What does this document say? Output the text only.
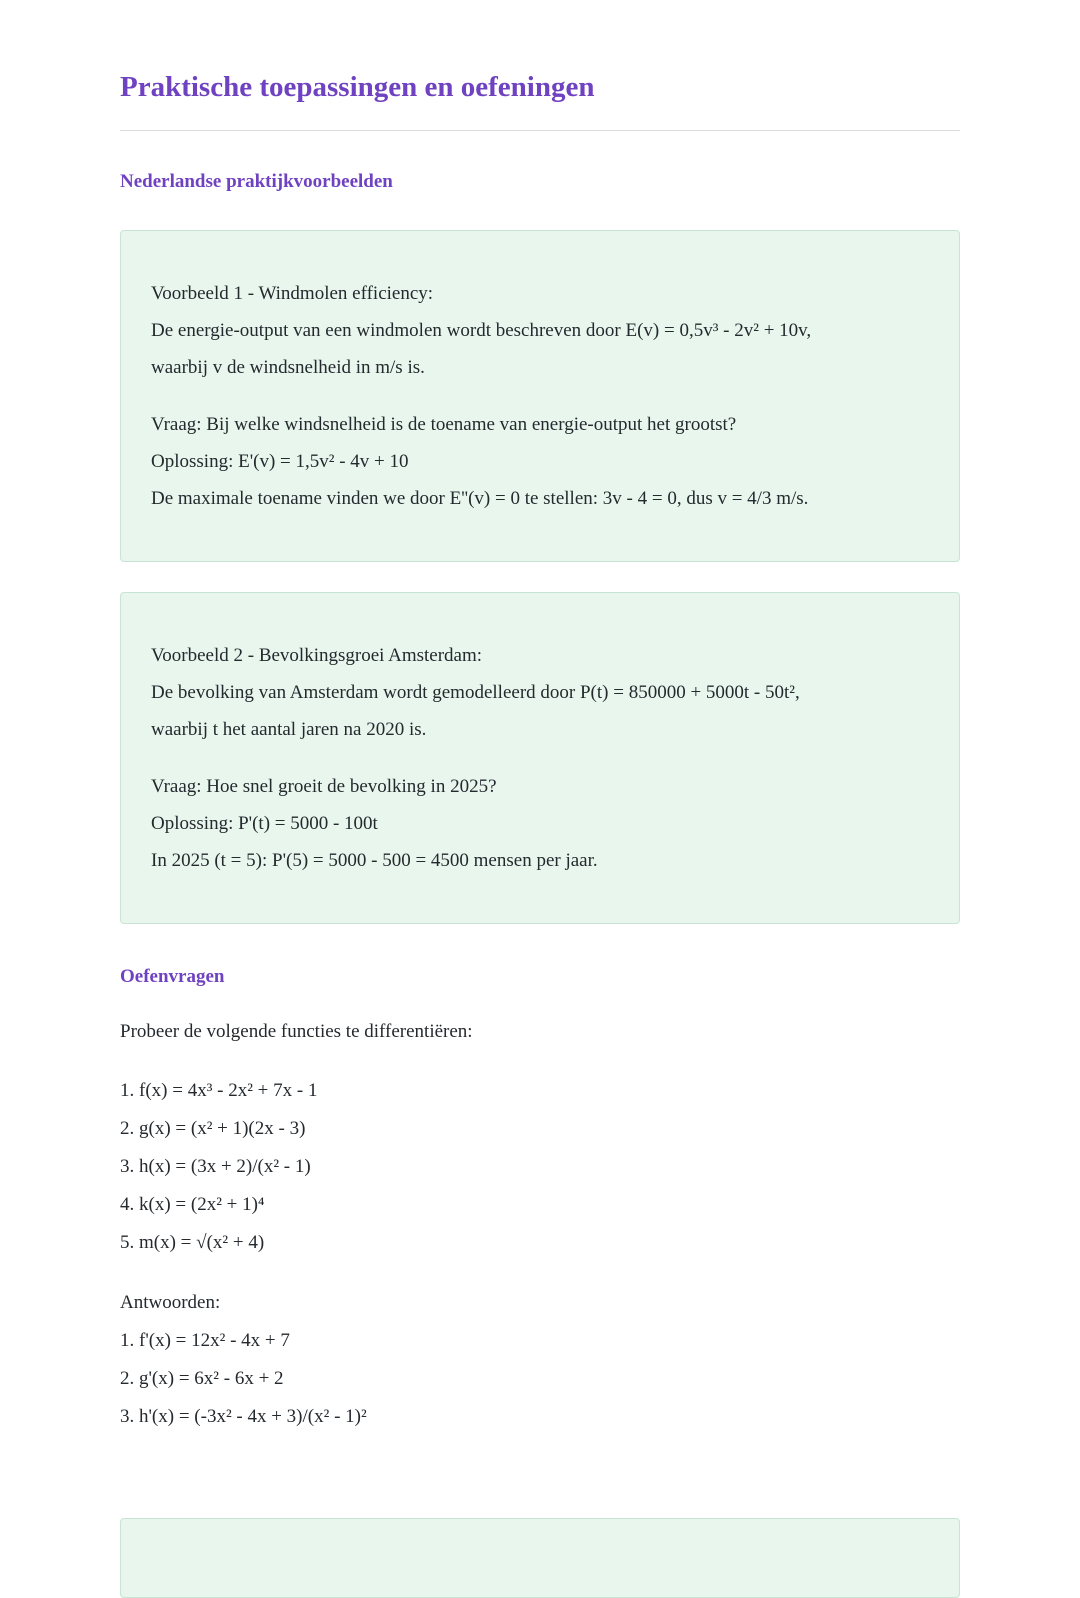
Praktische toepassingen en oefeningen
Nederlandse praktijkvoorbeelden
Voorbeeld 1 - Windmolen efficiency:
De energie-output van een windmolen wordt beschreven door E(v) = 0,5v³ - 2v² + 10v,
waarbij v de windsnelheid in m/s is.
Vraag: Bij welke windsnelheid is de toename van energie-output het grootst?
Oplossing: E'(v) = 1,5v² - 4v + 10
De maximale toename vinden we door E''(v) = 0 te stellen: 3v - 4 = 0, dus v = 4/3 m/s.
Voorbeeld 2 - Bevolkingsgroei Amsterdam:
De bevolking van Amsterdam wordt gemodelleerd door P(t) = 850000 + 5000t - 50t²,
waarbij t het aantal jaren na 2020 is.
Vraag: Hoe snel groeit de bevolking in 2025?
Oplossing: P'(t) = 5000 - 100t
In 2025 (t = 5): P'(5) = 5000 - 500 = 4500 mensen per jaar.
Oefenvragen

Probeer de volgende functies te differentiëren:

1. f(x) = 4x³ - 2x² + 7x - 1
2. g(x) = (x² + 1)(2x - 3)
3. h(x) = (3x + 2)/(x² - 1)
4. k(x) = (2x² + 1)⁴
5. m(x) = √(x² + 4)
Antwoorden:
1. f'(x) = 12x² - 4x + 7
2. g'(x) = 6x² - 6x + 2
3. h'(x) = (-3x² - 4x + 3)/(x² - 1)²
